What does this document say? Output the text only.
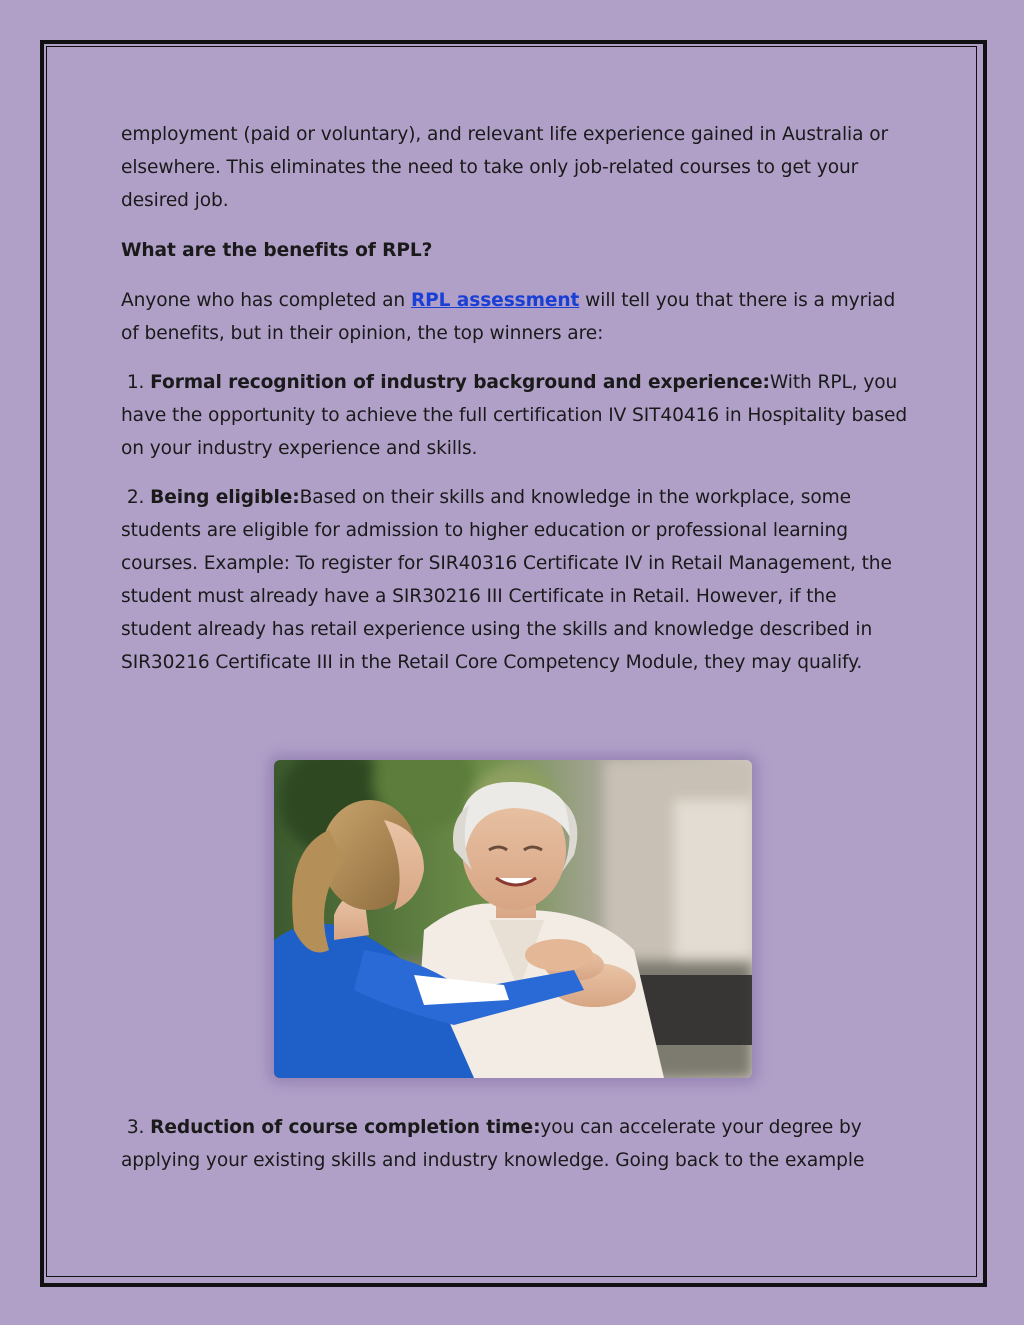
employment (paid or voluntary), and relevant life experience gained in Australia or elsewhere. This eliminates the need to take only job-related courses to get your desired job.

What are the benefits of RPL?

Anyone who has completed an RPL assessment will tell you that there is a myriad of benefits, but in their opinion, the top winners are:

1. Formal recognition of industry background and experience:With RPL, you have the opportunity to achieve the full certification IV SIT40416 in Hospitality based on your industry experience and skills.

2. Being eligible:Based on their skills and knowledge in the workplace, some students are eligible for admission to higher education or professional learning courses. Example: To register for SIR40316 Certificate IV in Retail Management, the student must already have a SIR30216 III Certificate in Retail. However, if the student already has retail experience using the skills and knowledge described in SIR30216 Certificate III in the Retail Core Competency Module, they may qualify.

3. Reduction of course completion time:you can accelerate your degree by applying your existing skills and industry knowledge. Going back to the example
